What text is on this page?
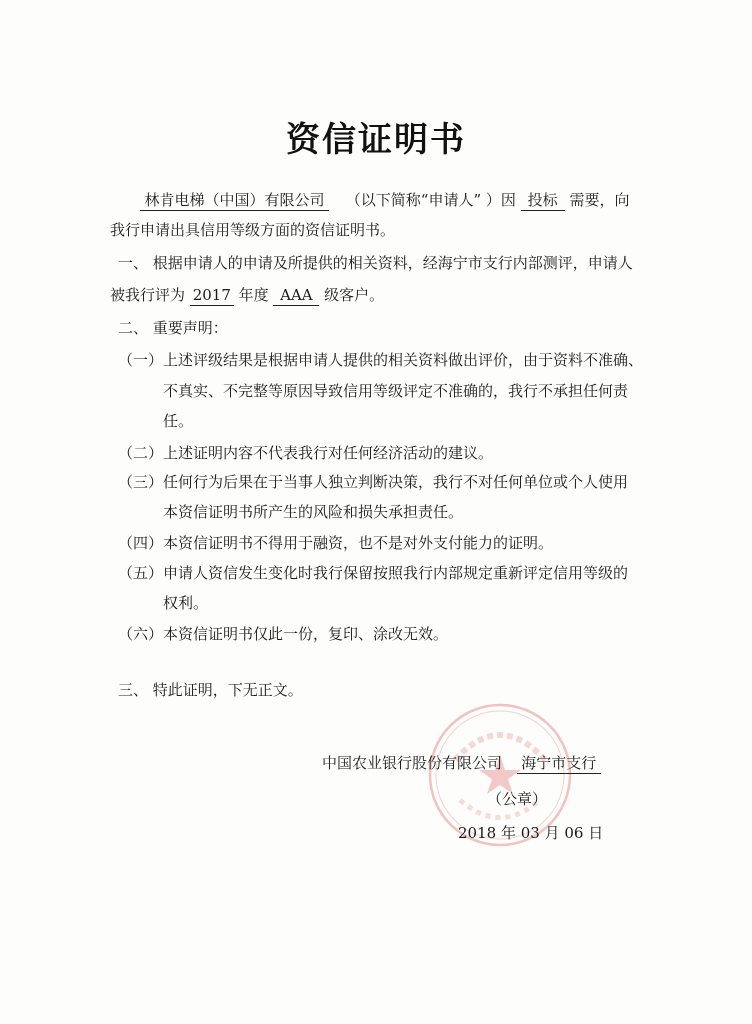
资信证明书
林肯电梯（中国）有限公司 （以下简称“申请人” ）因 投标 需要，向
我行申请出具信用等级方面的资信证明书。
一、 根据申请人的申请及所提供的相关资料，经海宁市支行内部测评，申请人
被我行评为 2017 年度 AAA 级客户。
二、 重要声明：
（一）上述评级结果是根据申请人提供的相关资料做出评价，由于资料不准确、
不真实、不完整等原因导致信用等级评定不准确的，我行不承担任何责
任。
（二）上述证明内容不代表我行对任何经济活动的建议。
（三）任何行为后果在于当事人独立判断决策，我行不对任何单位或个人使用
本资信证明书所产生的风险和损失承担责任。
（四）本资信证明书不得用于融资，也不是对外支付能力的证明。
（五）申请人资信发生变化时我行保留按照我行内部规定重新评定信用等级的
权利。
（六）本资信证明书仅此一份，复印、涂改无效。
三、 特此证明，下无正文。
中国农业银行股份有限公司 海宁市支行
（公章）
2018 年 03 月 06 日
